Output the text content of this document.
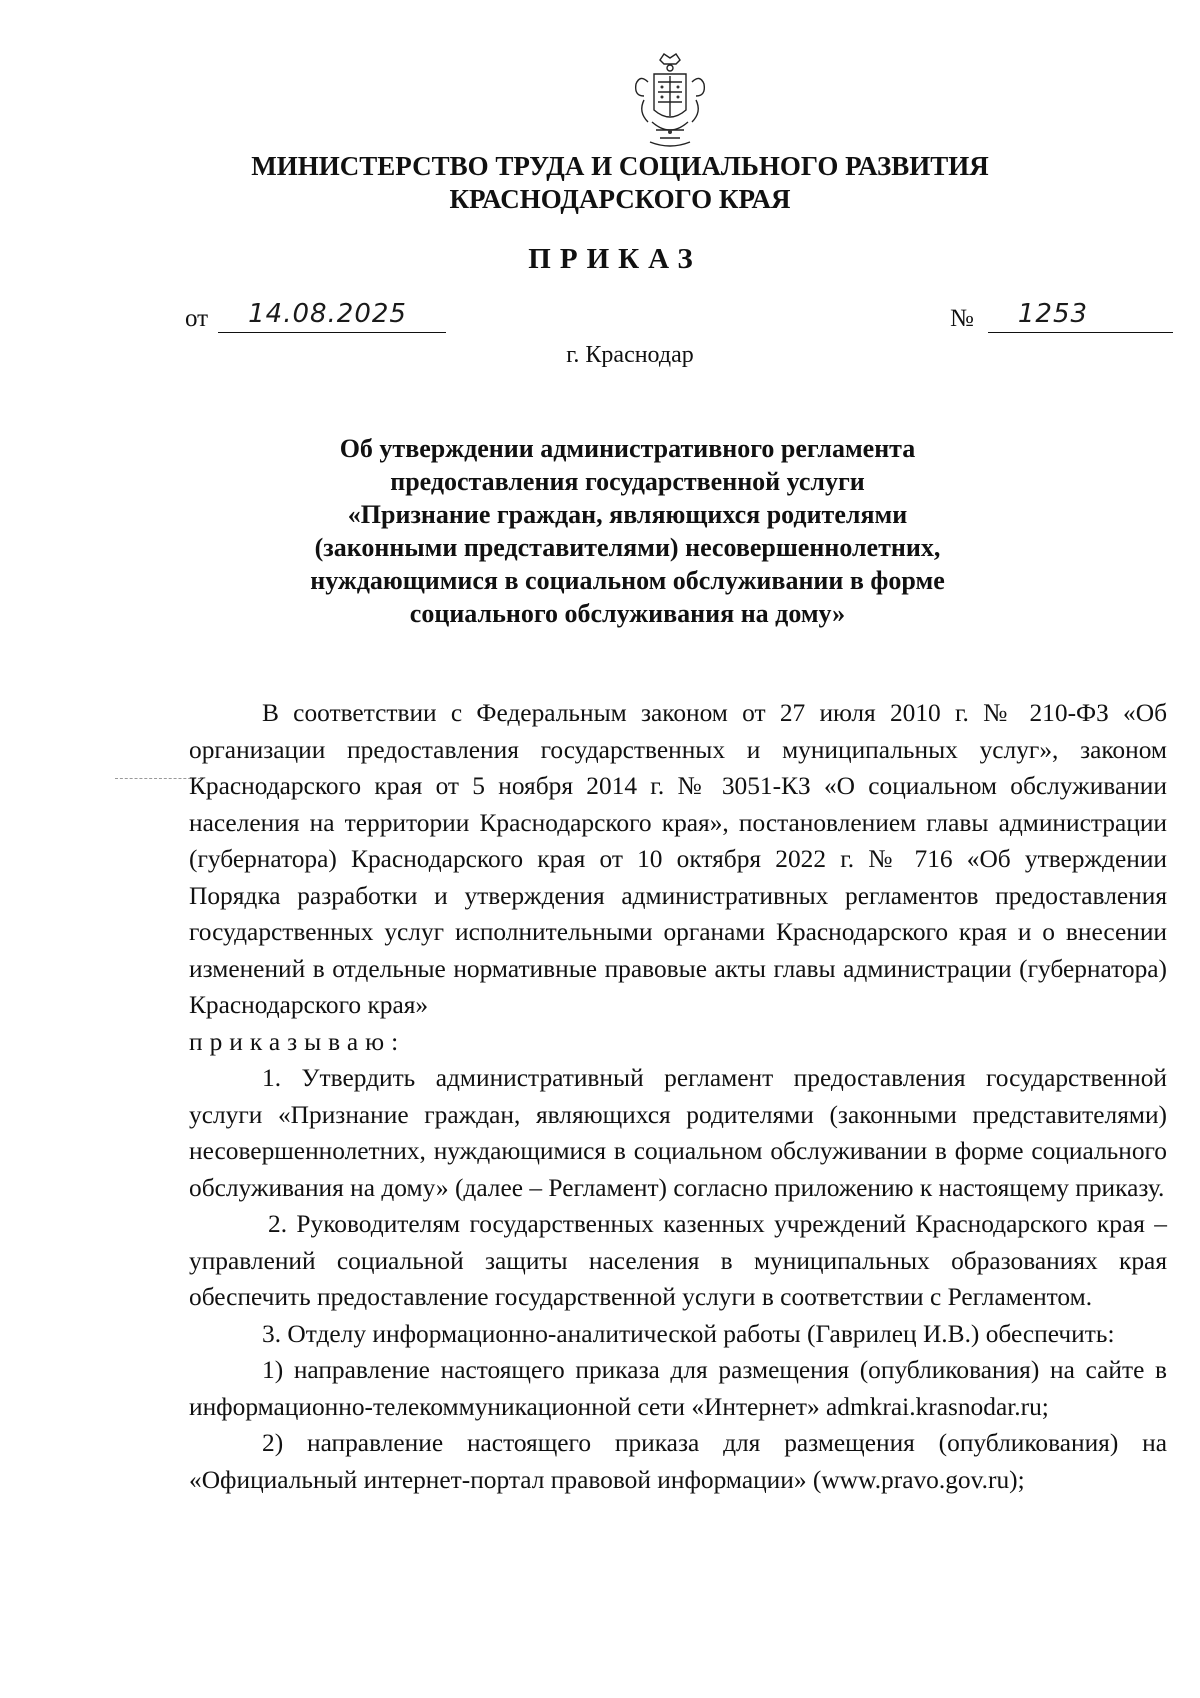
МИНИСТЕРСТВО ТРУДА И СОЦИАЛЬНОГО РАЗВИТИЯ
КРАСНОДАРСКОГО КРАЯ
ПРИКАЗ
от 14.08.2025	№ 1253
г. Краснодар
Об утверждении административного регламента
предоставления государственной услуги
«Признание граждан, являющихся родителями
(законными представителями) несовершеннолетних,
нуждающимися в социальном обслуживании в форме
социального обслуживания на дому»

В соответствии с Федеральным законом от 27 июля 2010 г. № 210-ФЗ «Об организации предоставления государственных и муниципальных услуг», законом Краснодарского края от 5 ноября 2014 г. № 3051-КЗ «О социальном обслуживании населения на территории Краснодарского края», постановлением главы администрации (губернатора) Краснодарского края от 10 октября 2022 г. № 716 «Об утверждении Порядка разработки и утверждения административных регламентов предоставления государственных услуг исполнительными органами Краснодарского края и о внесении изменений в отдельные нормативные правовые акты главы администрации (губернатора) Краснодарского края»

приказываю:

1. Утвердить административный регламент предоставления государственной услуги «Признание граждан, являющихся родителями (законными представителями) несовершеннолетних, нуждающимися в социальном обслуживании в форме социального обслуживания на дому» (далее – Регламент) согласно приложению к настоящему приказу.

2. Руководителям государственных казенных учреждений Краснодарского края – управлений социальной защиты населения в муниципальных образованиях края обеспечить предоставление государственной услуги в соответствии с Регламентом.

3. Отделу информационно-аналитической работы (Гаврилец И.В.) обеспечить:

1) направление настоящего приказа для размещения (опубликования) на сайте в информационно-телекоммуникационной сети «Интернет» admkrai.krasnodar.ru;

2) направление настоящего приказа для размещения (опубликования) на «Официальный интернет-портал правовой информации» (www.pravo.gov.ru);
